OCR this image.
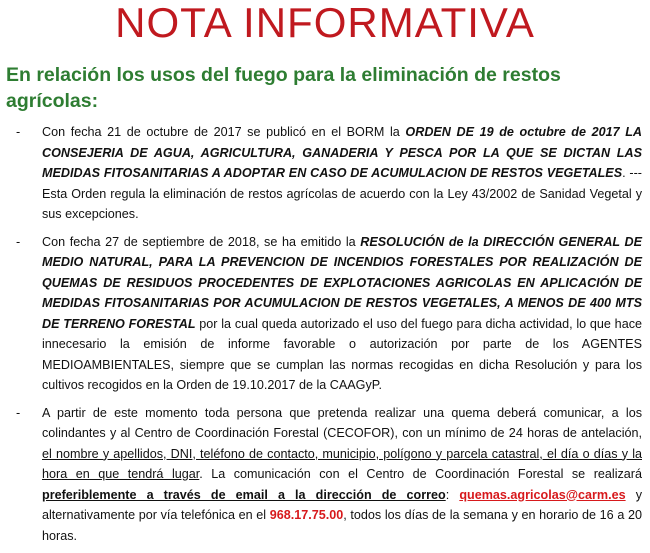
NOTA INFORMATIVA
En relación los usos del fuego para la eliminación de restos agrícolas:
- Con fecha 21 de octubre de 2017 se publicó en el BORM la ORDEN DE 19 de octubre de 2017 LA CONSEJERIA DE AGUA, AGRICULTURA, GANADERIA Y PESCA POR LA QUE SE DICTAN LAS MEDIDAS FITOSANITARIAS A ADOPTAR EN CASO DE ACUMULACION DE RESTOS VEGETALES. --- Esta Orden regula la eliminación de restos agrícolas de acuerdo con la Ley 43/2002 de Sanidad Vegetal y sus excepciones.
- Con fecha 27 de septiembre de 2018, se ha emitido la RESOLUCIÓN de la DIRECCIÓN GENERAL DE MEDIO NATURAL, PARA LA PREVENCION DE INCENDIOS FORESTALES POR REALIZACIÓN DE QUEMAS DE RESIDUOS PROCEDENTES DE EXPLOTACIONES AGRICOLAS EN APLICACIÓN DE MEDIDAS FITOSANITARIAS POR ACUMULACION DE RESTOS VEGETALES, A MENOS DE 400 MTS DE TERRENO FORESTAL por la cual queda autorizado el uso del fuego para dicha actividad, lo que hace innecesario la emisión de informe favorable o autorización por parte de los AGENTES MEDIOAMBIENTALES, siempre que se cumplan las normas recogidas en dicha Resolución y para los cultivos recogidos en la Orden de 19.10.2017 de la CAAGyP.
- A partir de este momento toda persona que pretenda realizar una quema deberá comunicar, a los colindantes y al Centro de Coordinación Forestal (CECOFOR), con un mínimo de 24 horas de antelación, el nombre y apellidos, DNI, teléfono de contacto, municipio, polígono y parcela catastral, el día o días y la hora en que tendrá lugar. La comunicación con el Centro de Coordinación Forestal se realizará preferiblemente a través de email a la dirección de correo: quemas.agricolas@carm.es y alternativamente por vía telefónica en el 968.17.75.00, todos los días de la semana y en horario de 16 a 20 horas.
